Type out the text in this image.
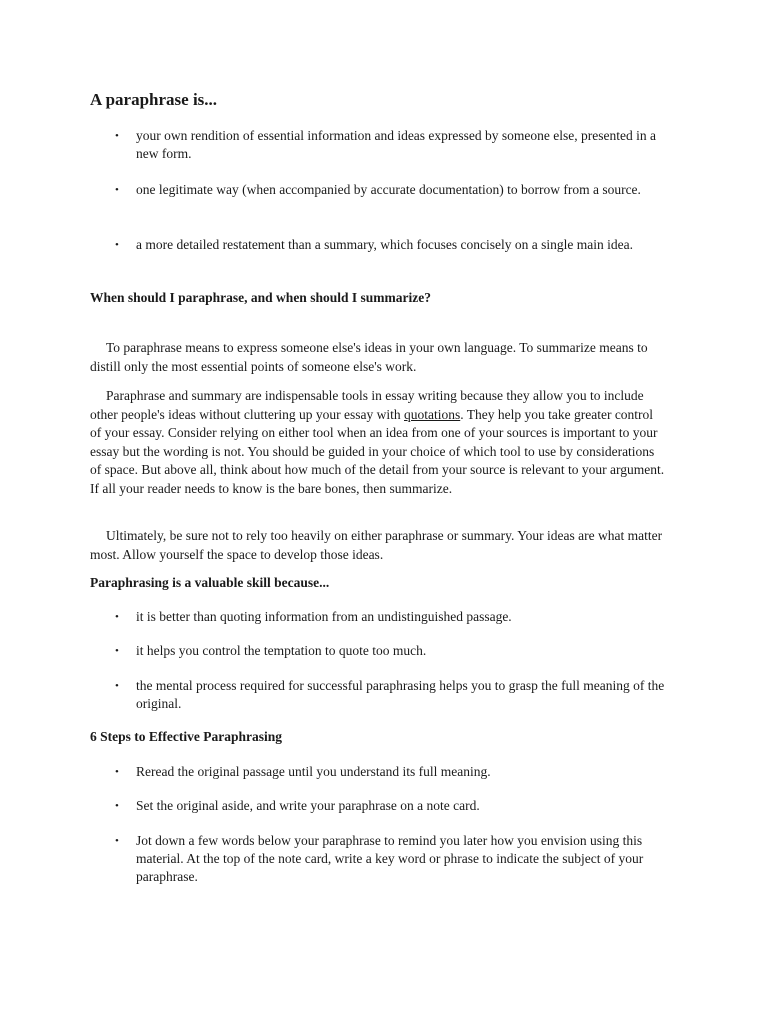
A paraphrase is...
• your own rendition of essential information and ideas expressed by someone else, presented in a new form.
• one legitimate way (when accompanied by accurate documentation) to borrow from a source.
• a more detailed restatement than a summary, which focuses concisely on a single main idea.
When should I paraphrase, and when should I summarize?
To paraphrase means to express someone else's ideas in your own language. To summarize means to distill only the most essential points of someone else's work.
Paraphrase and summary are indispensable tools in essay writing because they allow you to include other people's ideas without cluttering up your essay with quotations. They help you take greater control of your essay. Consider relying on either tool when an idea from one of your sources is important to your essay but the wording is not. You should be guided in your choice of which tool to use by considerations of space. But above all, think about how much of the detail from your source is relevant to your argument. If all your reader needs to know is the bare bones, then summarize.
Ultimately, be sure not to rely too heavily on either paraphrase or summary. Your ideas are what matter most. Allow yourself the space to develop those ideas.
Paraphrasing is a valuable skill because...
• it is better than quoting information from an undistinguished passage.
• it helps you control the temptation to quote too much.
• the mental process required for successful paraphrasing helps you to grasp the full meaning of the original.
6 Steps to Effective Paraphrasing
• Reread the original passage until you understand its full meaning.
• Set the original aside, and write your paraphrase on a note card.
• Jot down a few words below your paraphrase to remind you later how you envision using this material. At the top of the note card, write a key word or phrase to indicate the subject of your paraphrase.
